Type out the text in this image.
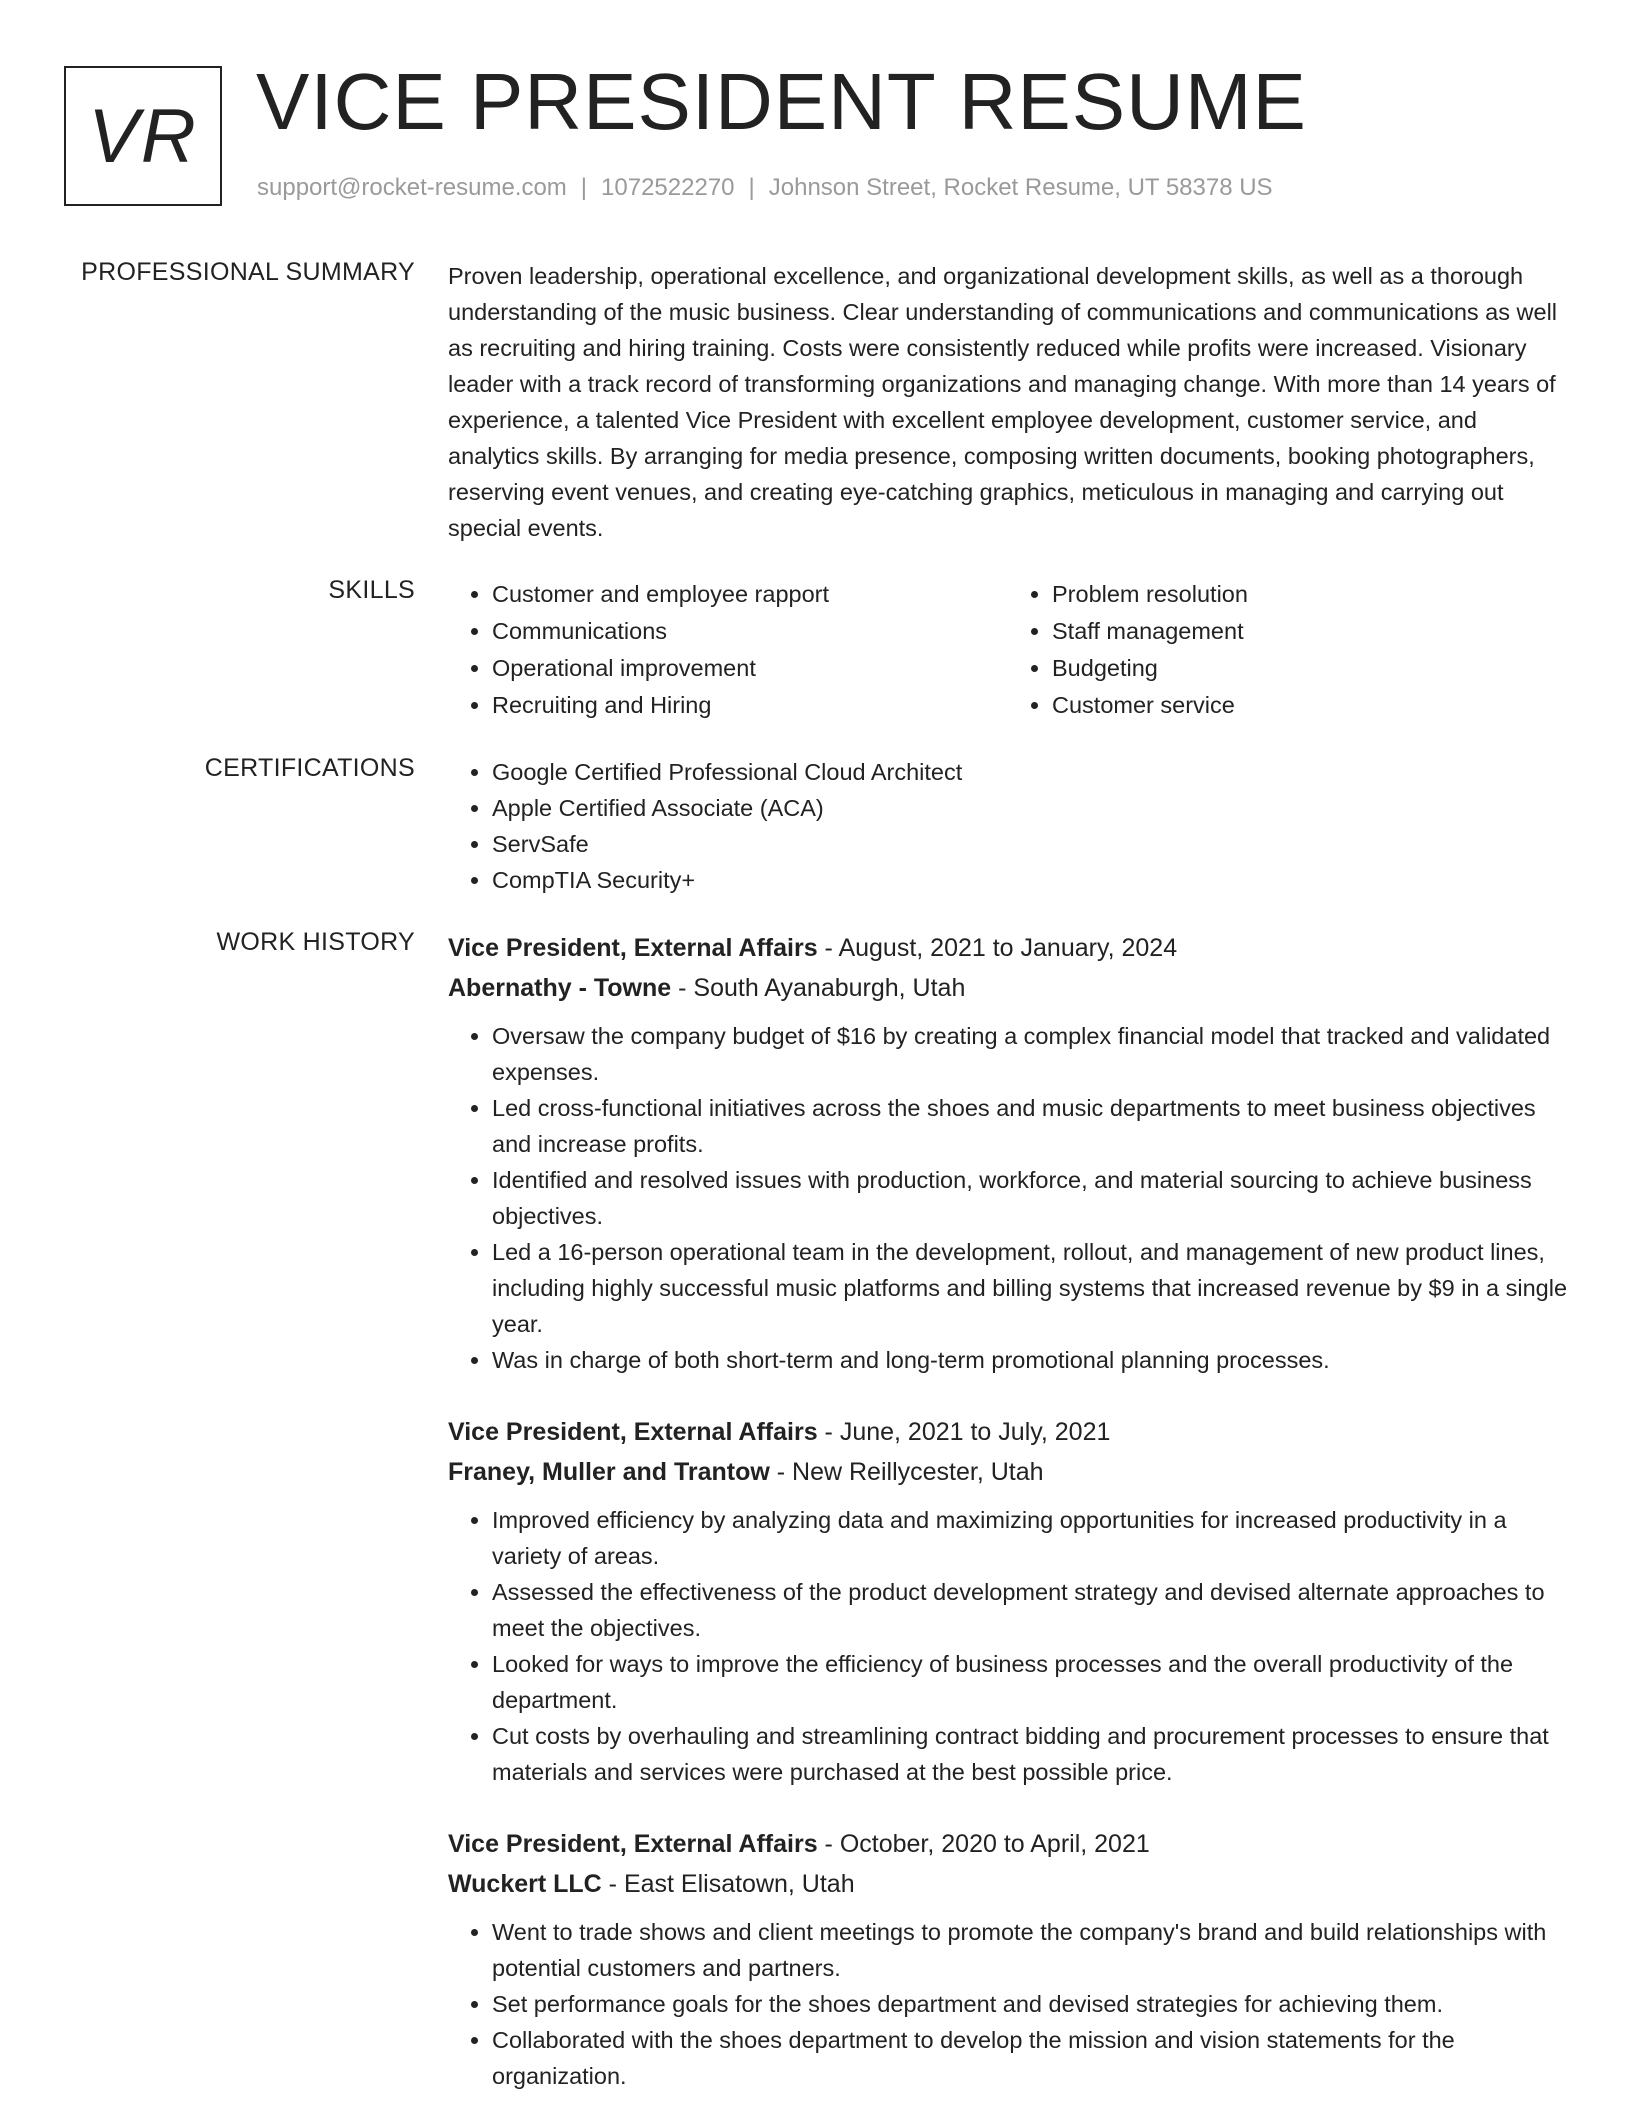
VR VICE PRESIDENT RESUME
support@rocket-resume.com | 1072522270 | Johnson Street, Rocket Resume, UT 58378 US
PROFESSIONAL SUMMARY Proven leadership, operational excellence, and organizational development skills, as well as a thorough understanding of the music business. Clear understanding of communications and communications as well as recruiting and hiring training. Costs were consistently reduced while profits were increased. Visionary leader with a track record of transforming organizations and managing change. With more than 14 years of experience, a talented Vice President with excellent employee development, customer service, and analytics skills. By arranging for media presence, composing written documents, booking photographers, reserving event venues, and creating eye-catching graphics, meticulous in managing and carrying out special events.

SKILLS	• Customer and employee rapport
• Communications
• Operational improvement
• Recruiting and Hiring
• Problem resolution
• Staff management
• Budgeting
• Customer service
CERTIFICATIONS	• Google Certified Professional Cloud Architect
• Apple Certified Associate (ACA)
• ServSafe
• CompTIA Security+
WORK HISTORY Vice President, External Affairs - August, 2021 to January, 2024
Abernathy - Towne - South Ayanaburgh, Utah
• Oversaw the company budget of $16 by creating a complex financial model that tracked and validated expenses.
• Led cross-functional initiatives across the shoes and music departments to meet business objectives and increase profits.
• Identified and resolved issues with production, workforce, and material sourcing to achieve business objectives.
• Led a 16-person operational team in the development, rollout, and management of new product lines, including highly successful music platforms and billing systems that increased revenue by $9 in a single year.
• Was in charge of both short-term and long-term promotional planning processes.
Vice President, External Affairs - June, 2021 to July, 2021
Franey, Muller and Trantow - New Reillycester, Utah
• Improved efficiency by analyzing data and maximizing opportunities for increased productivity in a variety of areas.
• Assessed the effectiveness of the product development strategy and devised alternate approaches to meet the objectives.
• Looked for ways to improve the efficiency of business processes and the overall productivity of the department.
• Cut costs by overhauling and streamlining contract bidding and procurement processes to ensure that materials and services were purchased at the best possible price.
Vice President, External Affairs - October, 2020 to April, 2021
Wuckert LLC - East Elisatown, Utah
• Went to trade shows and client meetings to promote the company's brand and build relationships with potential customers and partners.
• Set performance goals for the shoes department and devised strategies for achieving them.
• Collaborated with the shoes department to develop the mission and vision statements for the organization.
